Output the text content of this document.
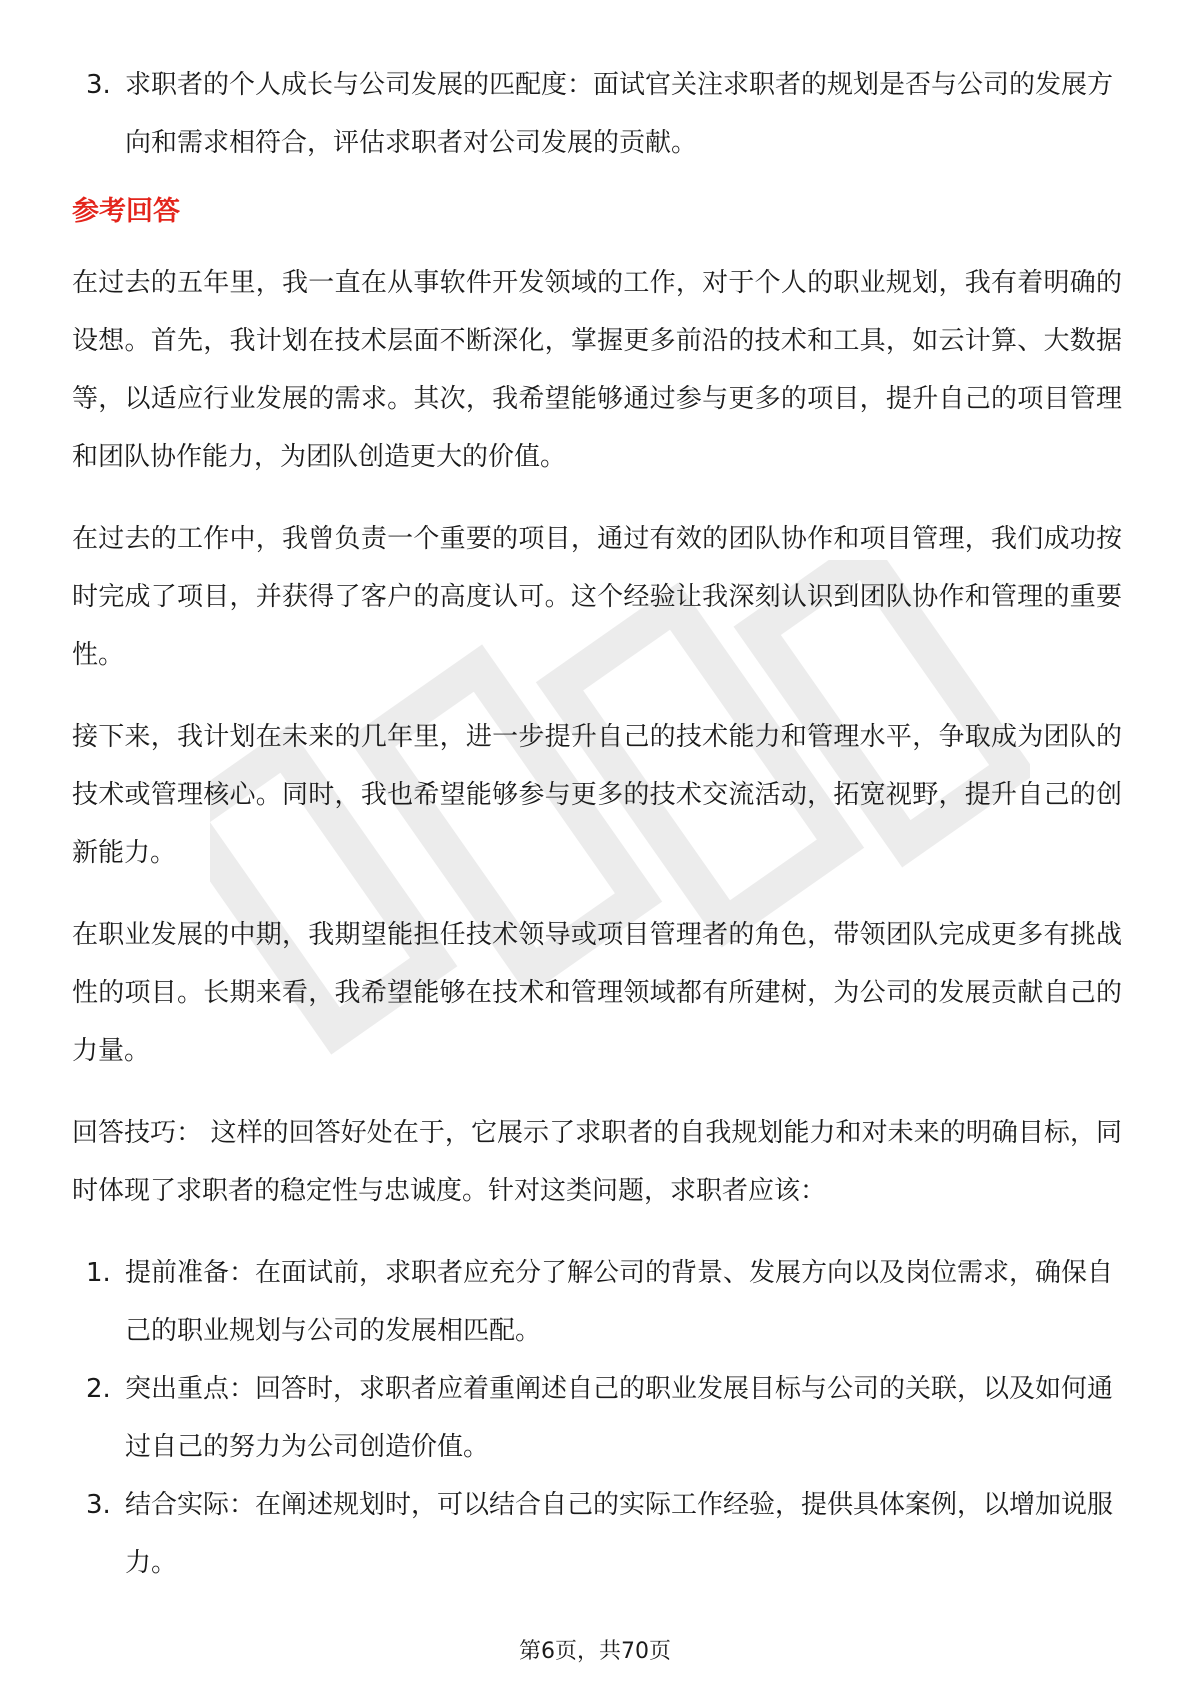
3. 求职者的个人成长与公司发展的匹配度：面试官关注求职者的规划是否与公司的发展方向和需求相符合，评估求职者对公司发展的贡献。
参考回答

在过去的五年里，我一直在从事软件开发领域的工作，对于个人的职业规划，我有着明确的设想。首先，我计划在技术层面不断深化，掌握更多前沿的技术和工具，如云计算、大数据等，以适应行业发展的需求。其次，我希望能够通过参与更多的项目，提升自己的项目管理和团队协作能力，为团队创造更大的价值。

在过去的工作中，我曾负责一个重要的项目，通过有效的团队协作和项目管理，我们成功按时完成了项目，并获得了客户的高度认可。这个经验让我深刻认识到团队协作和管理的重要性。

接下来，我计划在未来的几年里，进一步提升自己的技术能力和管理水平，争取成为团队的技术或管理核心。同时，我也希望能够参与更多的技术交流活动，拓宽视野，提升自己的创新能力。

在职业发展的中期，我期望能担任技术领导或项目管理者的角色，带领团队完成更多有挑战性的项目。长期来看，我希望能够在技术和管理领域都有所建树，为公司的发展贡献自己的力量。

回答技巧： 这样的回答好处在于，它展示了求职者的自我规划能力和对未来的明确目标，同时体现了求职者的稳定性与忠诚度。针对这类问题，求职者应该：

1. 提前准备：在面试前，求职者应充分了解公司的背景、发展方向以及岗位需求，确保自己的职业规划与公司的发展相匹配。
2. 突出重点：回答时，求职者应着重阐述自己的职业发展目标与公司的关联，以及如何通过自己的努力为公司创造价值。
3. 结合实际：在阐述规划时，可以结合自己的实际工作经验，提供具体案例，以增加说服力。
第6页，共70页
